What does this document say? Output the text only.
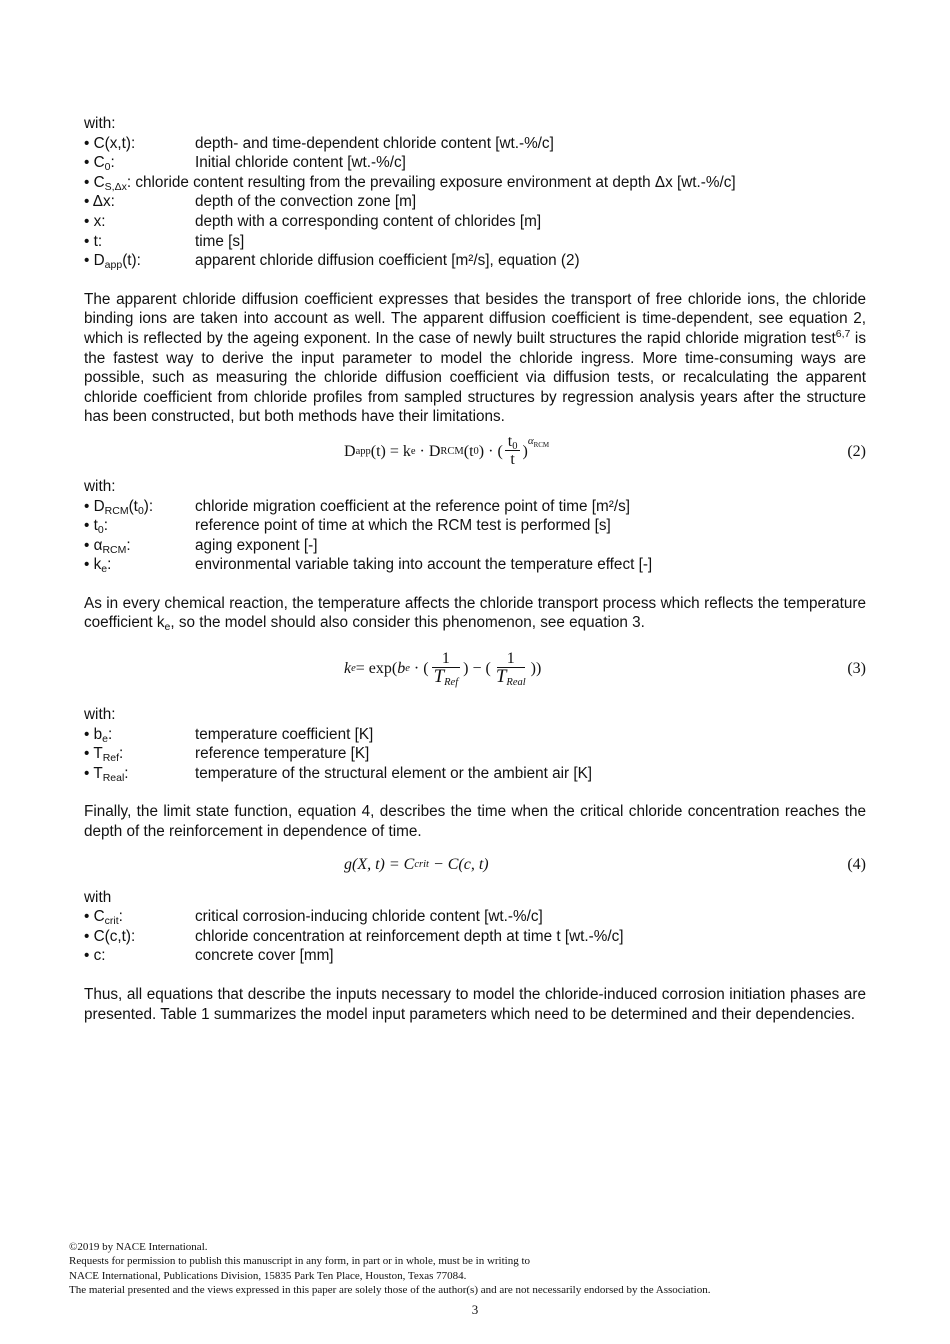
with:
• C(x,t):	depth- and time-dependent chloride content [wt.-%/c]
• $C_0$:	Initial chloride content [wt.-%/c]
• $C_{S,\Delta x}$: chloride content resulting from the prevailing exposure environment at depth Δx [wt.-%/c]
• Δx:	depth of the convection zone [m]
• x:	depth with a corresponding content of chlorides [m]
• t:	time [s]
• $D_{app}(t)$:	apparent chloride diffusion coefficient [m²/s], equation (2)

The apparent chloride diffusion coefficient expresses that besides the transport of free chloride ions, the chloride binding ions are taken into account as well. The apparent diffusion coefficient is time-dependent, see equation 2, which is reflected by the ageing exponent. In the case of newly built structures the rapid chloride migration test$^{6,7}$ is the fastest way to derive the input parameter to model the chloride ingress. More time-consuming ways are possible, such as measuring the chloride diffusion coefficient via diffusion tests, or recalculating the apparent chloride coefficient from chloride profiles from sampled structures by regression analysis years after the structure has been constructed, but both methods have their limitations.

D app (t) = k e · D RCM (t 0 ) · ( $\frac{t_0}{t}$ )
$\alpha_{RCM}$	(2)
with:
• $D_{RCM}(t_0)$:	chloride migration coefficient at the reference point of time [m²/s]
• $t_0$:	reference point of time at which the RCM test is performed [s]
• $\alpha_{RCM}$:	aging exponent [-]
• $k_e$:	environmental variable taking into account the temperature effect [-]

As in every chemical reaction, the temperature affects the chloride transport process which reflects the temperature coefficient $k_e$, so the model should also consider this phenomenon, see equation 3.

k e = exp( b e · ( $\frac{1}{T_{Ref}}$ ) − ( $\frac{1}{T_{Real}}$ ))	(3)
with:
• $b_e$:	temperature coefficient [K]
• $T_{Ref}$:	reference temperature [K]
• $T_{Real}$:	temperature of the structural element or the ambient air [K]

Finally, the limit state function, equation 4, describes the time when the critical chloride concentration reaches the depth of the reinforcement in dependence of time.

g(X, t) = C crit − C(c, t)	(4)
with
• $C_{crit}$:	critical corrosion-inducing chloride content [wt.-%/c]
• C(c,t):	chloride concentration at reinforcement depth at time t [wt.-%/c]
• c:	concrete cover [mm]

Thus, all equations that describe the inputs necessary to model the chloride-induced corrosion initiation phases are presented. Table 1 summarizes the model input parameters which need to be determined and their dependencies.

©2019 by NACE International.
Requests for permission to publish this manuscript in any form, in part or in whole, must be in writing to
NACE International, Publications Division, 15835 Park Ten Place, Houston, Texas 77084.
The material presented and the views expressed in this paper are solely those of the author(s) and are not necessarily endorsed by the Association.
3
